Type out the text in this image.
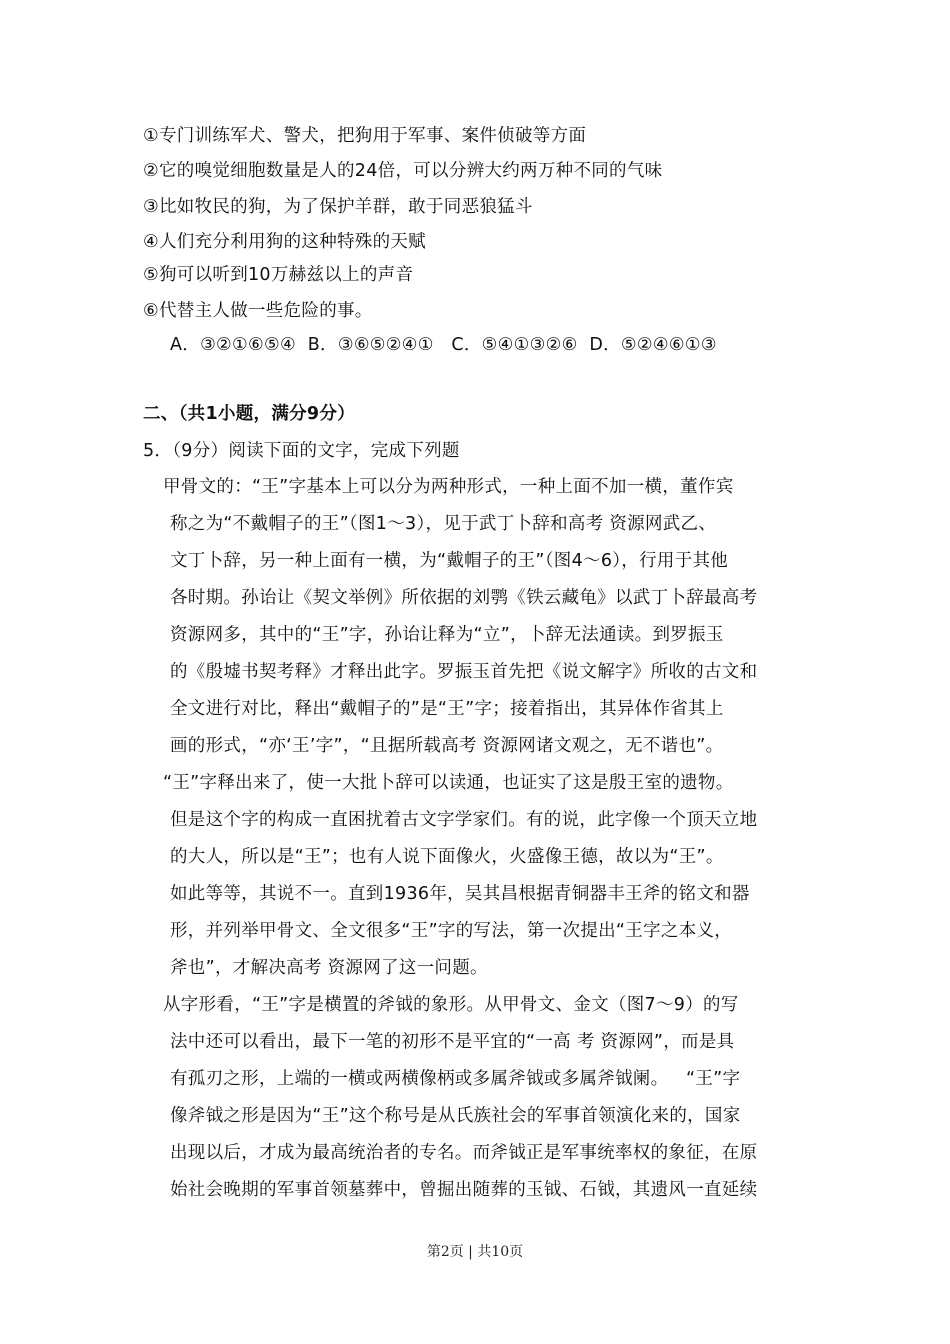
①专门训练军犬、警犬，把狗用于军事、案件侦破等方面
②它的嗅觉细胞数量是人的24倍，可以分辨大约两万种不同的气味
③比如牧民的狗，为了保护羊群，敢于同恶狼猛斗
④人们充分利用狗的这种特殊的天赋
⑤狗可以听到10万赫兹以上的声音
⑥代替主人做一些危险的事。
A．③②①⑥⑤④  B．③⑥⑤②④①   C．⑤④①③②⑥  D．⑤②④⑥①③
二、（共1小题，满分9分）
5．（9分）阅读下面的文字，完成下列题
甲骨文的：“王”字基本上可以分为两种形式，一种上面不加一横，董作宾
称之为“不戴帽子的王”（图1～3），见于武丁卜辞和高考 资源网武乙、
文丁卜辞，另一种上面有一横，为“戴帽子的王”（图4～6），行用于其他
各时期。孙诒让《契文举例》所依据的刘鹗《铁云藏龟》以武丁卜辞最高考
资源网多，其中的“王”字，孙诒让释为“立”，卜辞无法通读。到罗振玉
的《殷墟书契考释》才释出此字。罗振玉首先把《说文解字》所收的古文和
全文进行对比，释出“戴帽子的”是“王”字；接着指出，其异体作省其上
画的形式，“亦‘王’字”，“且据所载高考 资源网诸文观之，无不谐也”。
“王”字释出来了，使一大批卜辞可以读通，也证实了这是殷王室的遗物。
但是这个字的构成一直困扰着古文字学家们。有的说，此字像一个顶天立地
的大人，所以是“王”；也有人说下面像火，火盛像王德，故以为“王”。
如此等等，其说不一。直到1936年，吴其昌根据青铜器丰王斧的铭文和器
形，并列举甲骨文、全文很多“王”字的写法，第一次提出“王字之本义，
斧也”，才解决高考 资源网了这一问题。
从字形看，“王”字是横置的斧钺的象形。从甲骨文、金文（图7～9）的写
法中还可以看出，最下一笔的初形不是平宜的“一高 考 资源网”，而是具
有孤刃之形，上端的一横或两横像柄或多属斧钺或多属斧钺阑。   “王”字
像斧钺之形是因为“王”这个称号是从氏族社会的军事首领演化来的，国家
出现以后，才成为最高统治者的专名。而斧钺正是军事统率权的象征，在原
始社会晚期的军事首领墓葬中，曾掘出随葬的玉钺、石钺，其遗风一直延续
第2页 | 共10页
